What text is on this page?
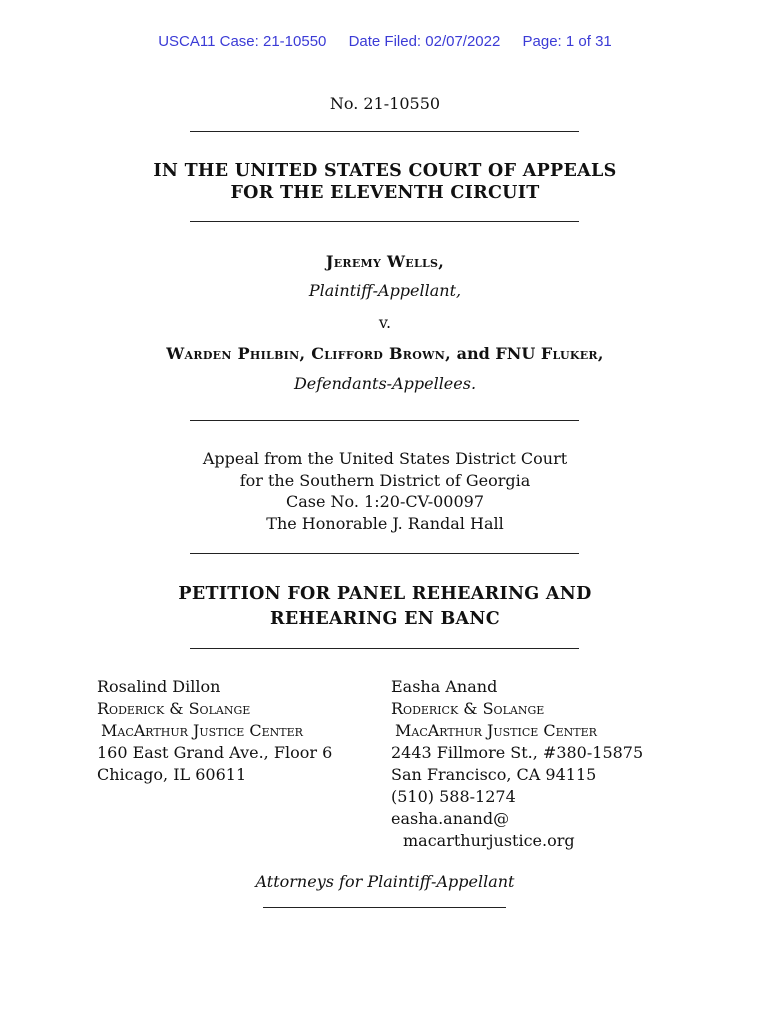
USCA11 Case: 21-10550 Date Filed: 02/07/2022 Page: 1 of 31
No. 21-10550
IN THE UNITED STATES COURT OF APPEALS
FOR THE ELEVENTH CIRCUIT
Jeremy Wells,
Plaintiff-Appellant,
v.
Warden Philbin, Clifford Brown, and FNU Fluker,
Defendants-Appellees.
Appeal from the United States District Court
for the Southern District of Georgia
Case No. 1:20-CV-00097
The Honorable J. Randal Hall
PETITION FOR PANEL REHEARING AND
REHEARING EN BANC
Rosalind Dillon
Roderick & Solange
MacArthur Justice Center
160 East Grand Ave., Floor 6
Chicago, IL 60611
Easha Anand
Roderick & Solange
MacArthur Justice Center
2443 Fillmore St., #380-15875
San Francisco, CA 94115
(510) 588-1274
easha.anand@
macarthurjustice.org
Attorneys for Plaintiff-Appellant
